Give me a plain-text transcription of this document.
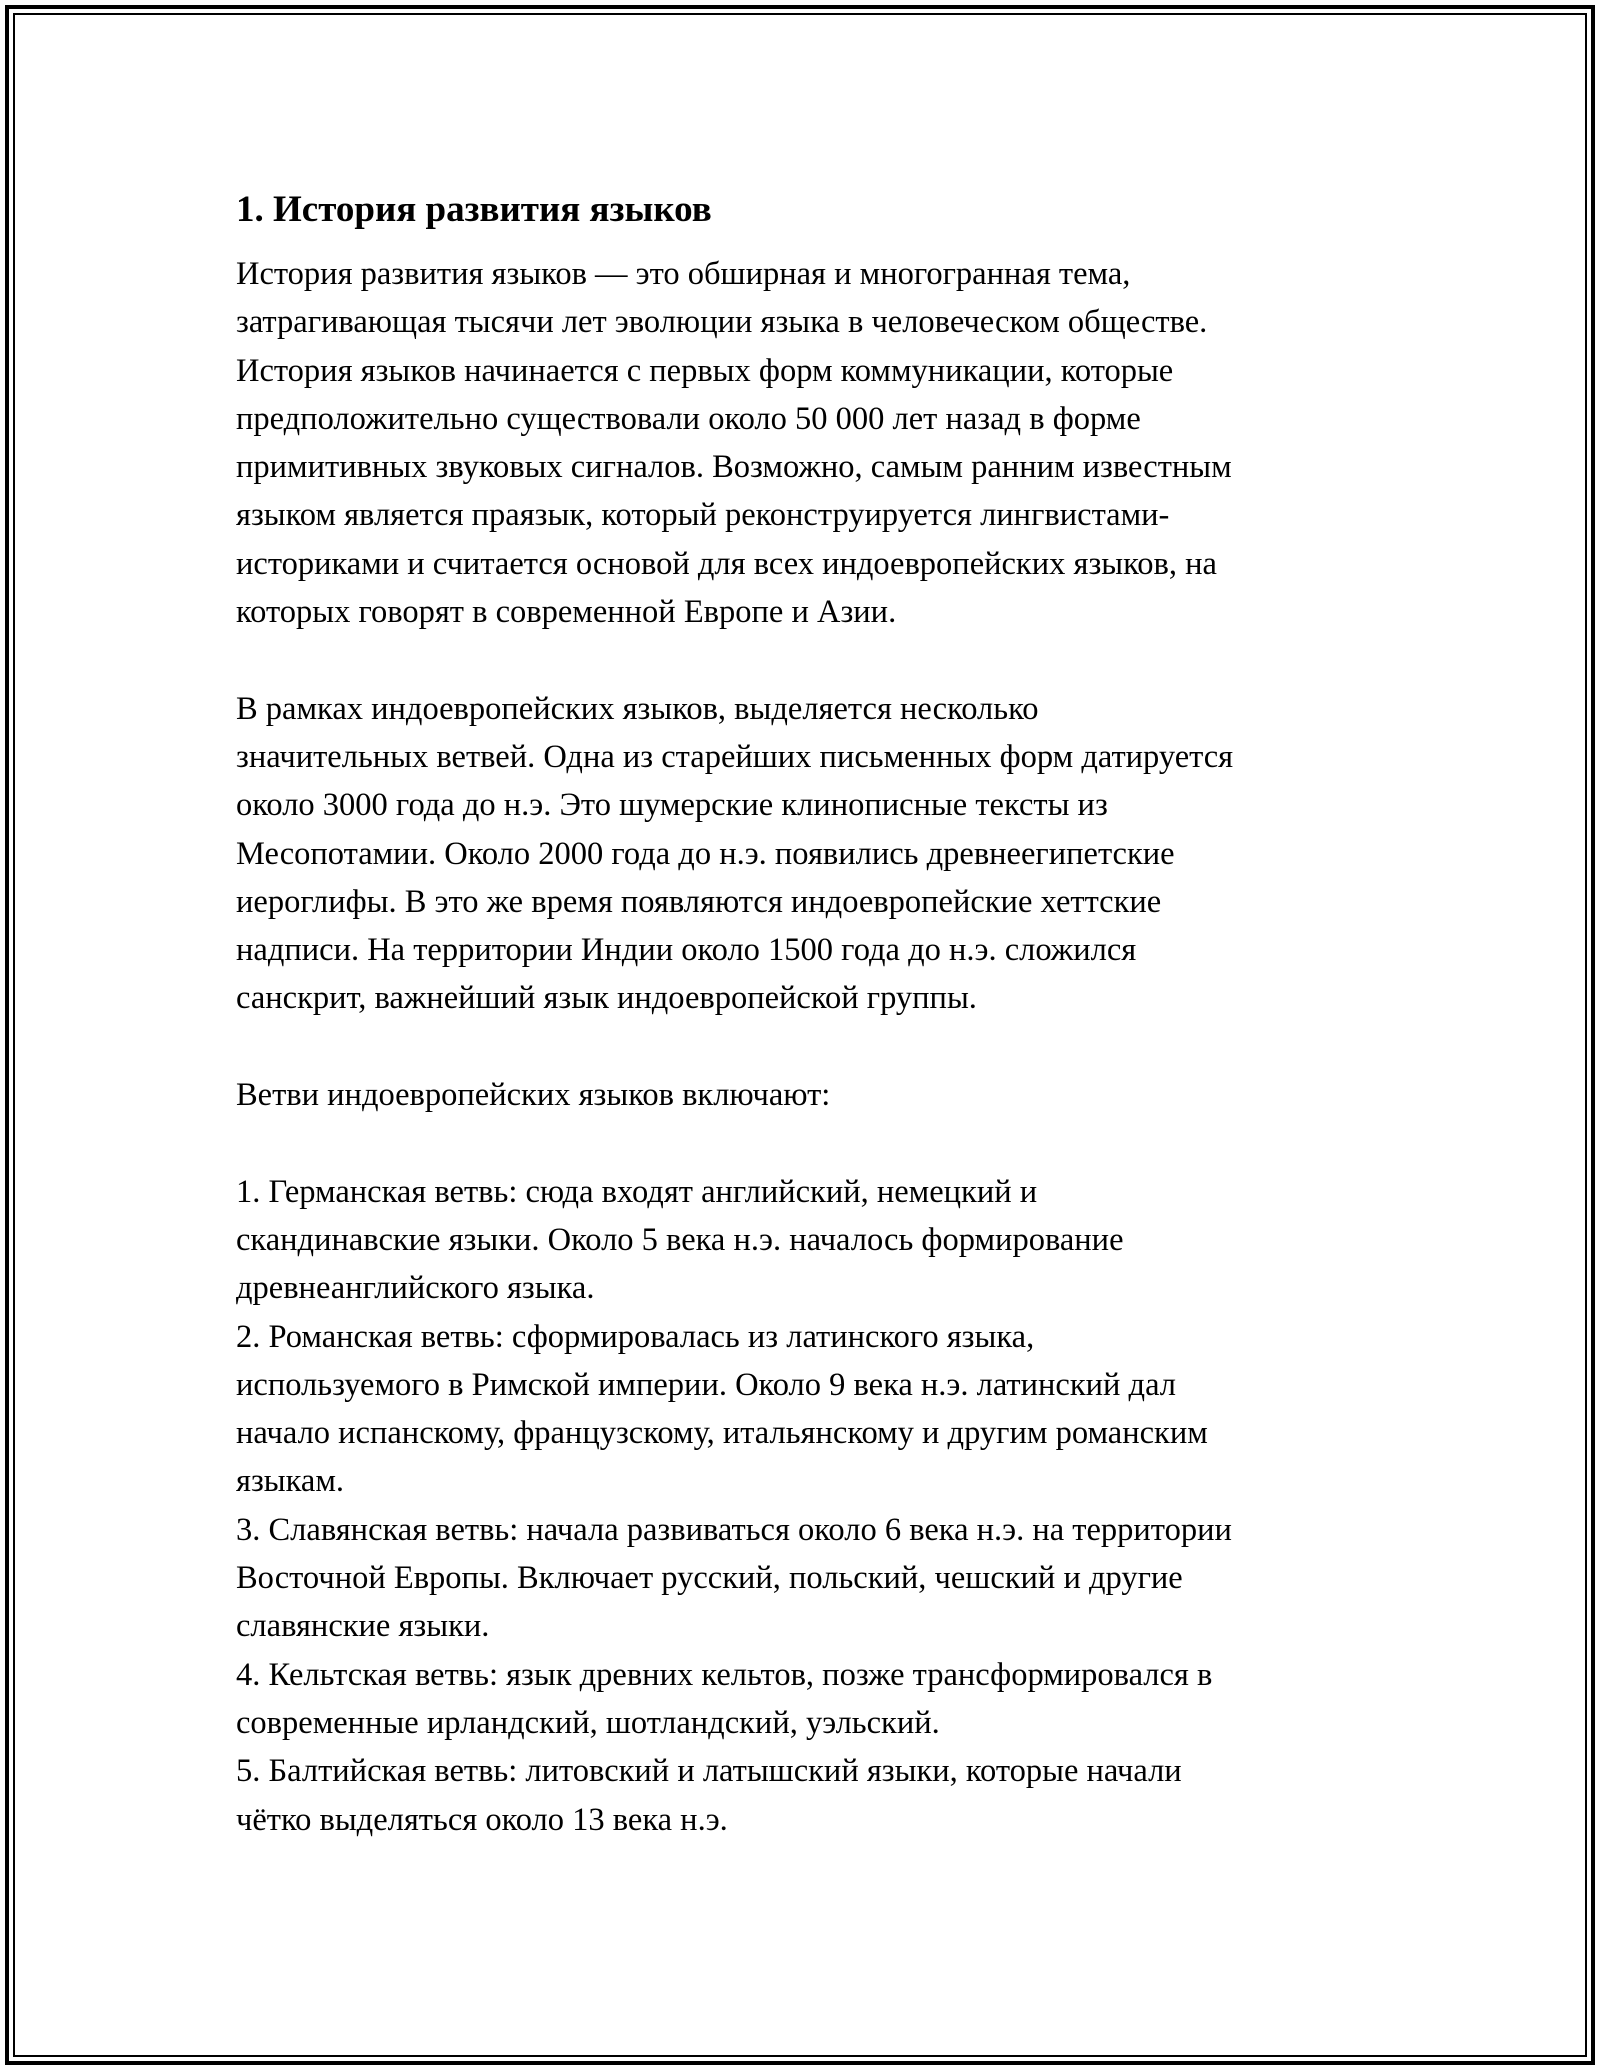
1. История развития языков
История развития языков — это обширная и многогранная тема,
затрагивающая тысячи лет эволюции языка в человеческом обществе.
История языков начинается с первых форм коммуникации, которые
предположительно существовали около 50 000 лет назад в форме
примитивных звуковых сигналов. Возможно, самым ранним известным
языком является праязык, который реконструируется лингвистами-
историками и считается основой для всех индоевропейских языков, на
которых говорят в современной Европе и Азии.
В рамках индоевропейских языков, выделяется несколько
значительных ветвей. Одна из старейших письменных форм датируется
около 3000 года до н.э. Это шумерские клинописные тексты из
Месопотамии. Около 2000 года до н.э. появились древнеегипетские
иероглифы. В это же время появляются индоевропейские хеттские
надписи. На территории Индии около 1500 года до н.э. сложился
санскрит, важнейший язык индоевропейской группы.
Ветви индоевропейских языков включают:
1. Германская ветвь: сюда входят английский, немецкий и
скандинавские языки. Около 5 века н.э. началось формирование
древнеанглийского языка.
2. Романская ветвь: сформировалась из латинского языка,
используемого в Римской империи. Около 9 века н.э. латинский дал
начало испанскому, французскому, итальянскому и другим романским
языкам.
3. Славянская ветвь: начала развиваться около 6 века н.э. на территории
Восточной Европы. Включает русский, польский, чешский и другие
славянские языки.
4. Кельтская ветвь: язык древних кельтов, позже трансформировался в
современные ирландский, шотландский, уэльский.
5. Балтийская ветвь: литовский и латышский языки, которые начали
чётко выделяться около 13 века н.э.
